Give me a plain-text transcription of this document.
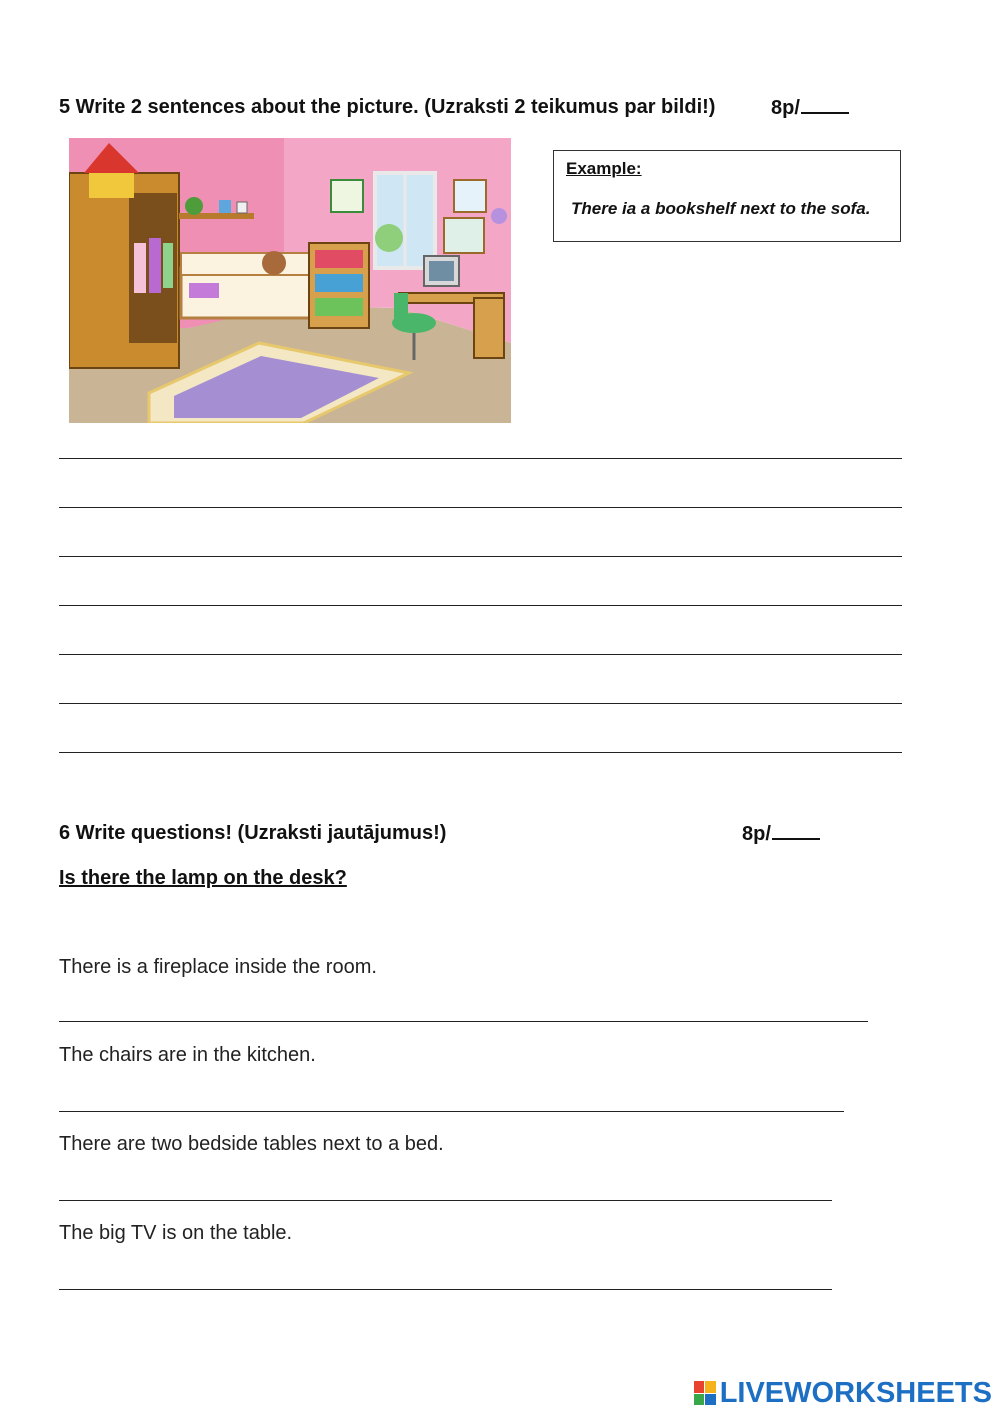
5 Write 2 sentences about the picture. (Uzraksti 2 teikumus par bildi!)	8p/
Example:
There ia a bookshelf next to the sofa.
6 Write questions! (Uzraksti jautājumus!)	8p/
Is there the lamp on the desk?
There is a fireplace inside the room.
The chairs are in the kitchen.
There are two bedside tables next to a bed.
The big TV is on the table.
LIVEWORKSHEETS
